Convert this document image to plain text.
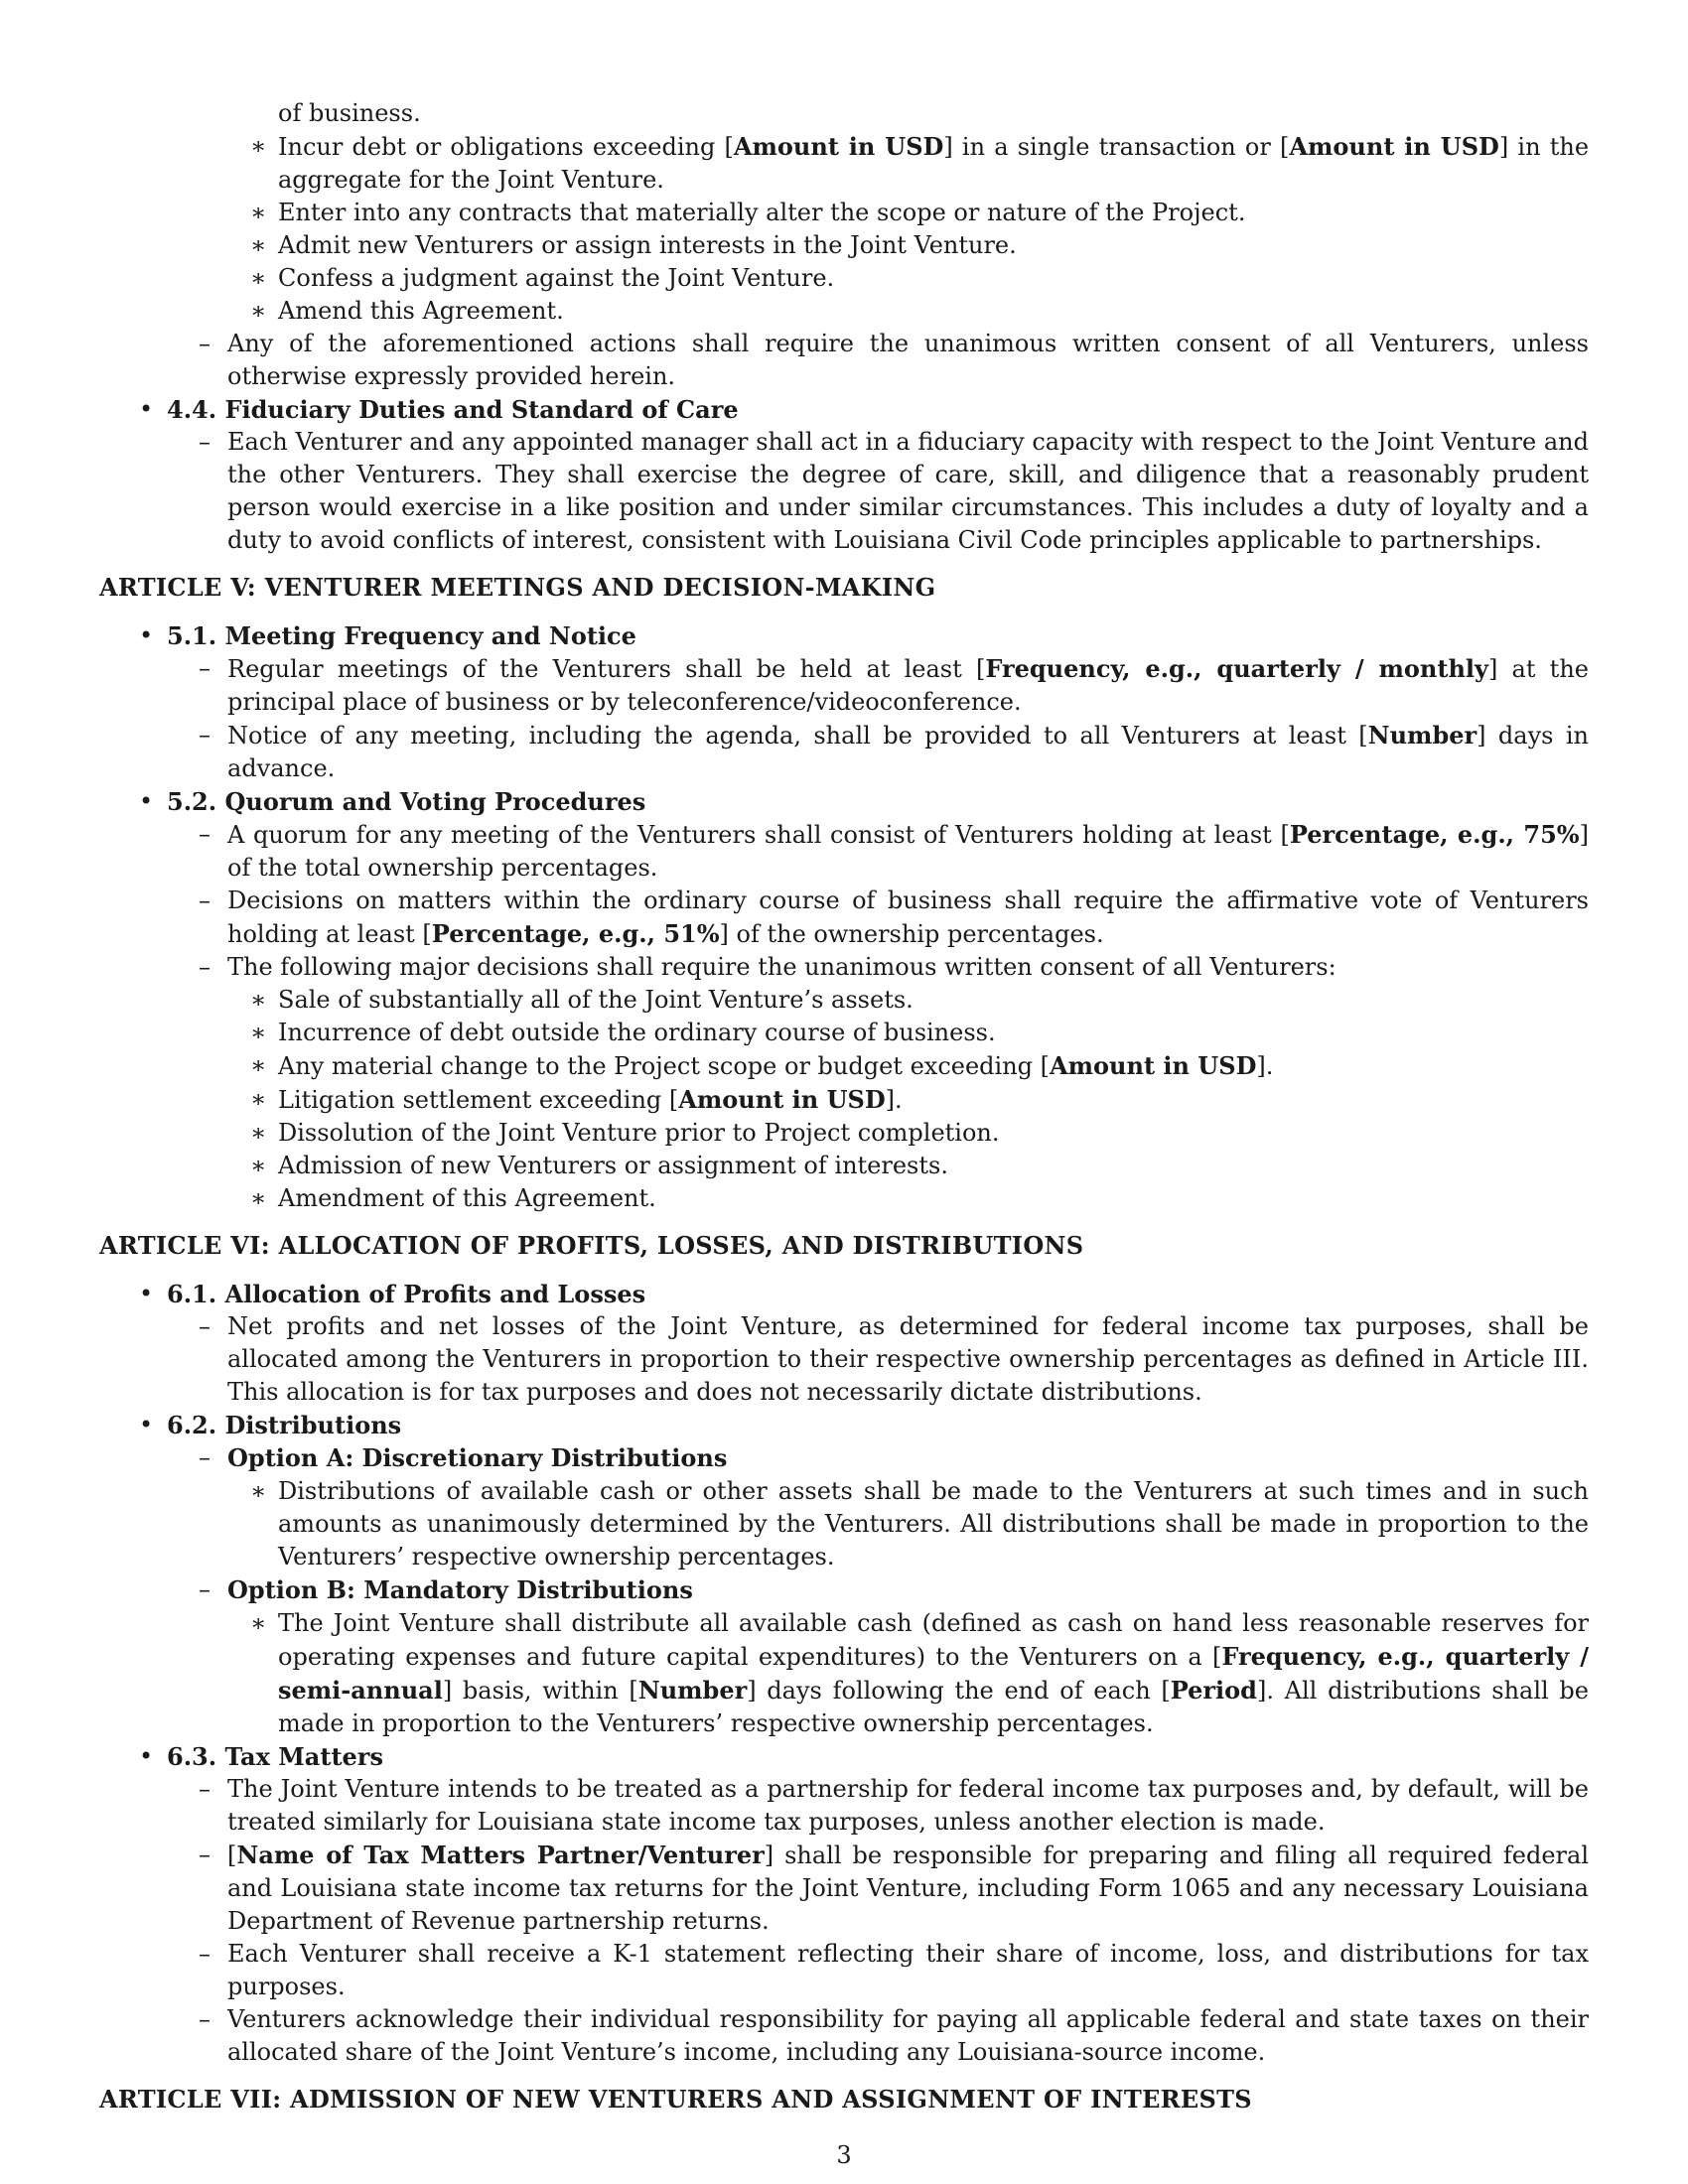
of business.
∗ Incur debt or obligations exceeding [Amount in USD] in a single transaction or [Amount in USD] in the aggregate for the Joint Venture.
∗ Enter into any contracts that materially alter the scope or nature of the Project.
∗ Admit new Venturers or assign interests in the Joint Venture.
∗ Confess a judgment against the Joint Venture.
∗ Amend this Agreement.
– Any of the aforementioned actions shall require the unanimous written consent of all Venturers, unless otherwise expressly provided herein.
• 4.4. Fiduciary Duties and Standard of Care
– Each Venturer and any appointed manager shall act in a fiduciary capacity with respect to the Joint Venture and the other Venturers. They shall exercise the degree of care, skill, and diligence that a reasonably prudent person would exercise in a like position and under similar circumstances. This includes a duty of loyalty and a duty to avoid conflicts of interest, consistent with Louisiana Civil Code principles applicable to partnerships.
ARTICLE V: VENTURER MEETINGS AND DECISION-MAKING
• 5.1. Meeting Frequency and Notice
– Regular meetings of the Venturers shall be held at least [Frequency, e.g., quarterly / monthly] at the principal place of business or by teleconference/videoconference.
– Notice of any meeting, including the agenda, shall be provided to all Venturers at least [Number] days in advance.
• 5.2. Quorum and Voting Procedures
– A quorum for any meeting of the Venturers shall consist of Venturers holding at least [Percentage, e.g., 75%] of the total ownership percentages.
– Decisions on matters within the ordinary course of business shall require the affirmative vote of Venturers holding at least [Percentage, e.g., 51%] of the ownership percentages.
– The following major decisions shall require the unanimous written consent of all Venturers:
∗ Sale of substantially all of the Joint Venture’s assets.
∗ Incurrence of debt outside the ordinary course of business.
∗ Any material change to the Project scope or budget exceeding [Amount in USD].
∗ Litigation settlement exceeding [Amount in USD].
∗ Dissolution of the Joint Venture prior to Project completion.
∗ Admission of new Venturers or assignment of interests.
∗ Amendment of this Agreement.
ARTICLE VI: ALLOCATION OF PROFITS, LOSSES, AND DISTRIBUTIONS
• 6.1. Allocation of Profits and Losses
– Net profits and net losses of the Joint Venture, as determined for federal income tax purposes, shall be allocated among the Venturers in proportion to their respective ownership percentages as defined in Article III. This allocation is for tax purposes and does not necessarily dictate distributions.
• 6.2. Distributions
– Option A: Discretionary Distributions
∗ Distributions of available cash or other assets shall be made to the Venturers at such times and in such amounts as unanimously determined by the Venturers. All distributions shall be made in proportion to the Venturers’ respective ownership percentages.
– Option B: Mandatory Distributions
∗ The Joint Venture shall distribute all available cash (defined as cash on hand less reasonable reserves for operating expenses and future capital expenditures) to the Venturers on a [Frequency, e.g., quarterly / semi-annual] basis, within [Number] days following the end of each [Period]. All distributions shall be made in proportion to the Venturers’ respective ownership percentages.
• 6.3. Tax Matters
– The Joint Venture intends to be treated as a partnership for federal income tax purposes and, by default, will be treated similarly for Louisiana state income tax purposes, unless another election is made.
– [Name of Tax Matters Partner/Venturer] shall be responsible for preparing and filing all required federal and Louisiana state income tax returns for the Joint Venture, including Form 1065 and any necessary Louisiana Department of Revenue partnership returns.
– Each Venturer shall receive a K-1 statement reflecting their share of income, loss, and distributions for tax purposes.
– Venturers acknowledge their individual responsibility for paying all applicable federal and state taxes on their allocated share of the Joint Venture’s income, including any Louisiana-source income.
ARTICLE VII: ADMISSION OF NEW VENTURERS AND ASSIGNMENT OF INTERESTS
3
